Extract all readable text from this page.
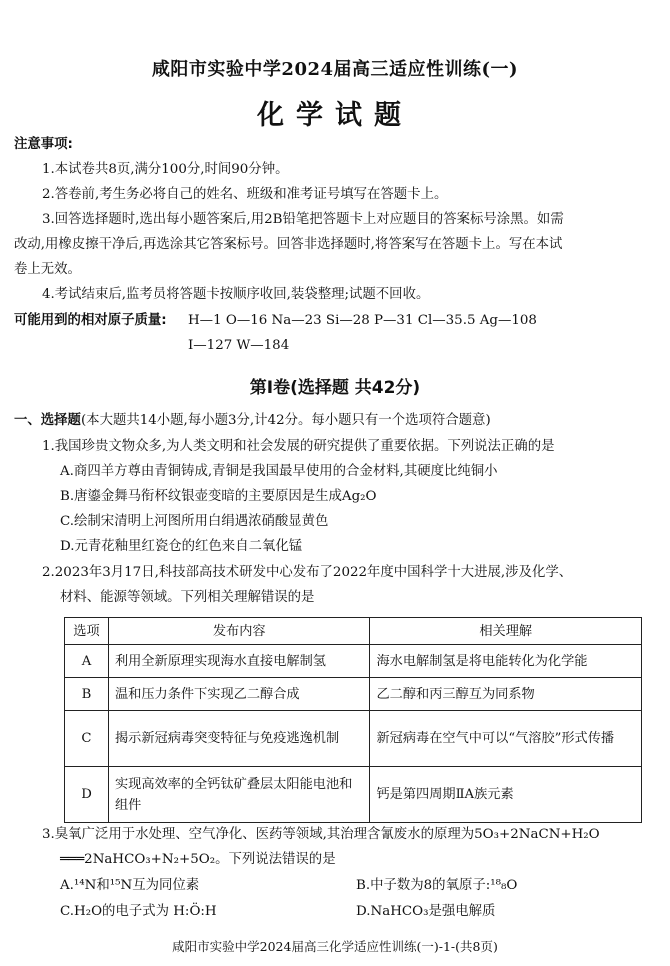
咸阳市实验中学2024届高三适应性训练(一)
化学试题
注意事项:
1.本试卷共8页,满分100分,时间90分钟。
2.答卷前,考生务必将自己的姓名、班级和准考证号填写在答题卡上。
3.回答选择题时,选出每小题答案后,用2B铅笔把答题卡上对应题目的答案标号涂黑。如需
改动,用橡皮擦干净后,再选涂其它答案标号。回答非选择题时,将答案写在答题卡上。写在本试
卷上无效。
4.考试结束后,监考员将答题卡按顺序收回,装袋整理;试题不回收。
可能用到的相对原子质量: H—1 O—16 Na—23 Si—28 P—31 Cl—35.5 Ag—108
I—127 W—184
第Ⅰ卷(选择题 共42分)
一、选择题(本大题共14小题,每小题3分,计42分。每小题只有一个选项符合题意)
1.我国珍贵文物众多,为人类文明和社会发展的研究提供了重要依据。下列说法正确的是
A.商四羊方尊由青铜铸成,青铜是我国最早使用的合金材料,其硬度比纯铜小
B.唐鎏金舞马衔杯纹银壶变暗的主要原因是生成Ag₂O
C.绘制宋清明上河图所用白绢遇浓硝酸显黄色
D.元青花釉里红瓷仓的红色来自二氧化锰
2.2023年3月17日,科技部高技术研发中心发布了2022年度中国科学十大进展,涉及化学、
材料、能源等领域。下列相关理解错误的是
选项	发布内容	相关理解
A	利用全新原理实现海水直接电解制氢	海水电解制氢是将电能转化为化学能
B	温和压力条件下实现乙二醇合成	乙二醇和丙三醇互为同系物
C	揭示新冠病毒突变特征与免疫逃逸机制	新冠病毒在空气中可以“气溶胶”形式传播
D	实现高效率的全钙钛矿叠层太阳能电池和组件	钙是第四周期ⅡA族元素
3.臭氧广泛用于水处理、空气净化、医药等领域,其治理含氰废水的原理为5O₃+2NaCN+H₂O
═══2NaHCO₃+N₂+5O₂。下列说法错误的是
A.¹⁴N和¹⁵N互为同位素	B.中子数为8的氧原子:¹⁸₈O
C.H₂O的电子式为 H:Ö:H	D.NaHCO₃是强电解质
咸阳市实验中学2024届高三化学适应性训练(一)-1-(共8页)
